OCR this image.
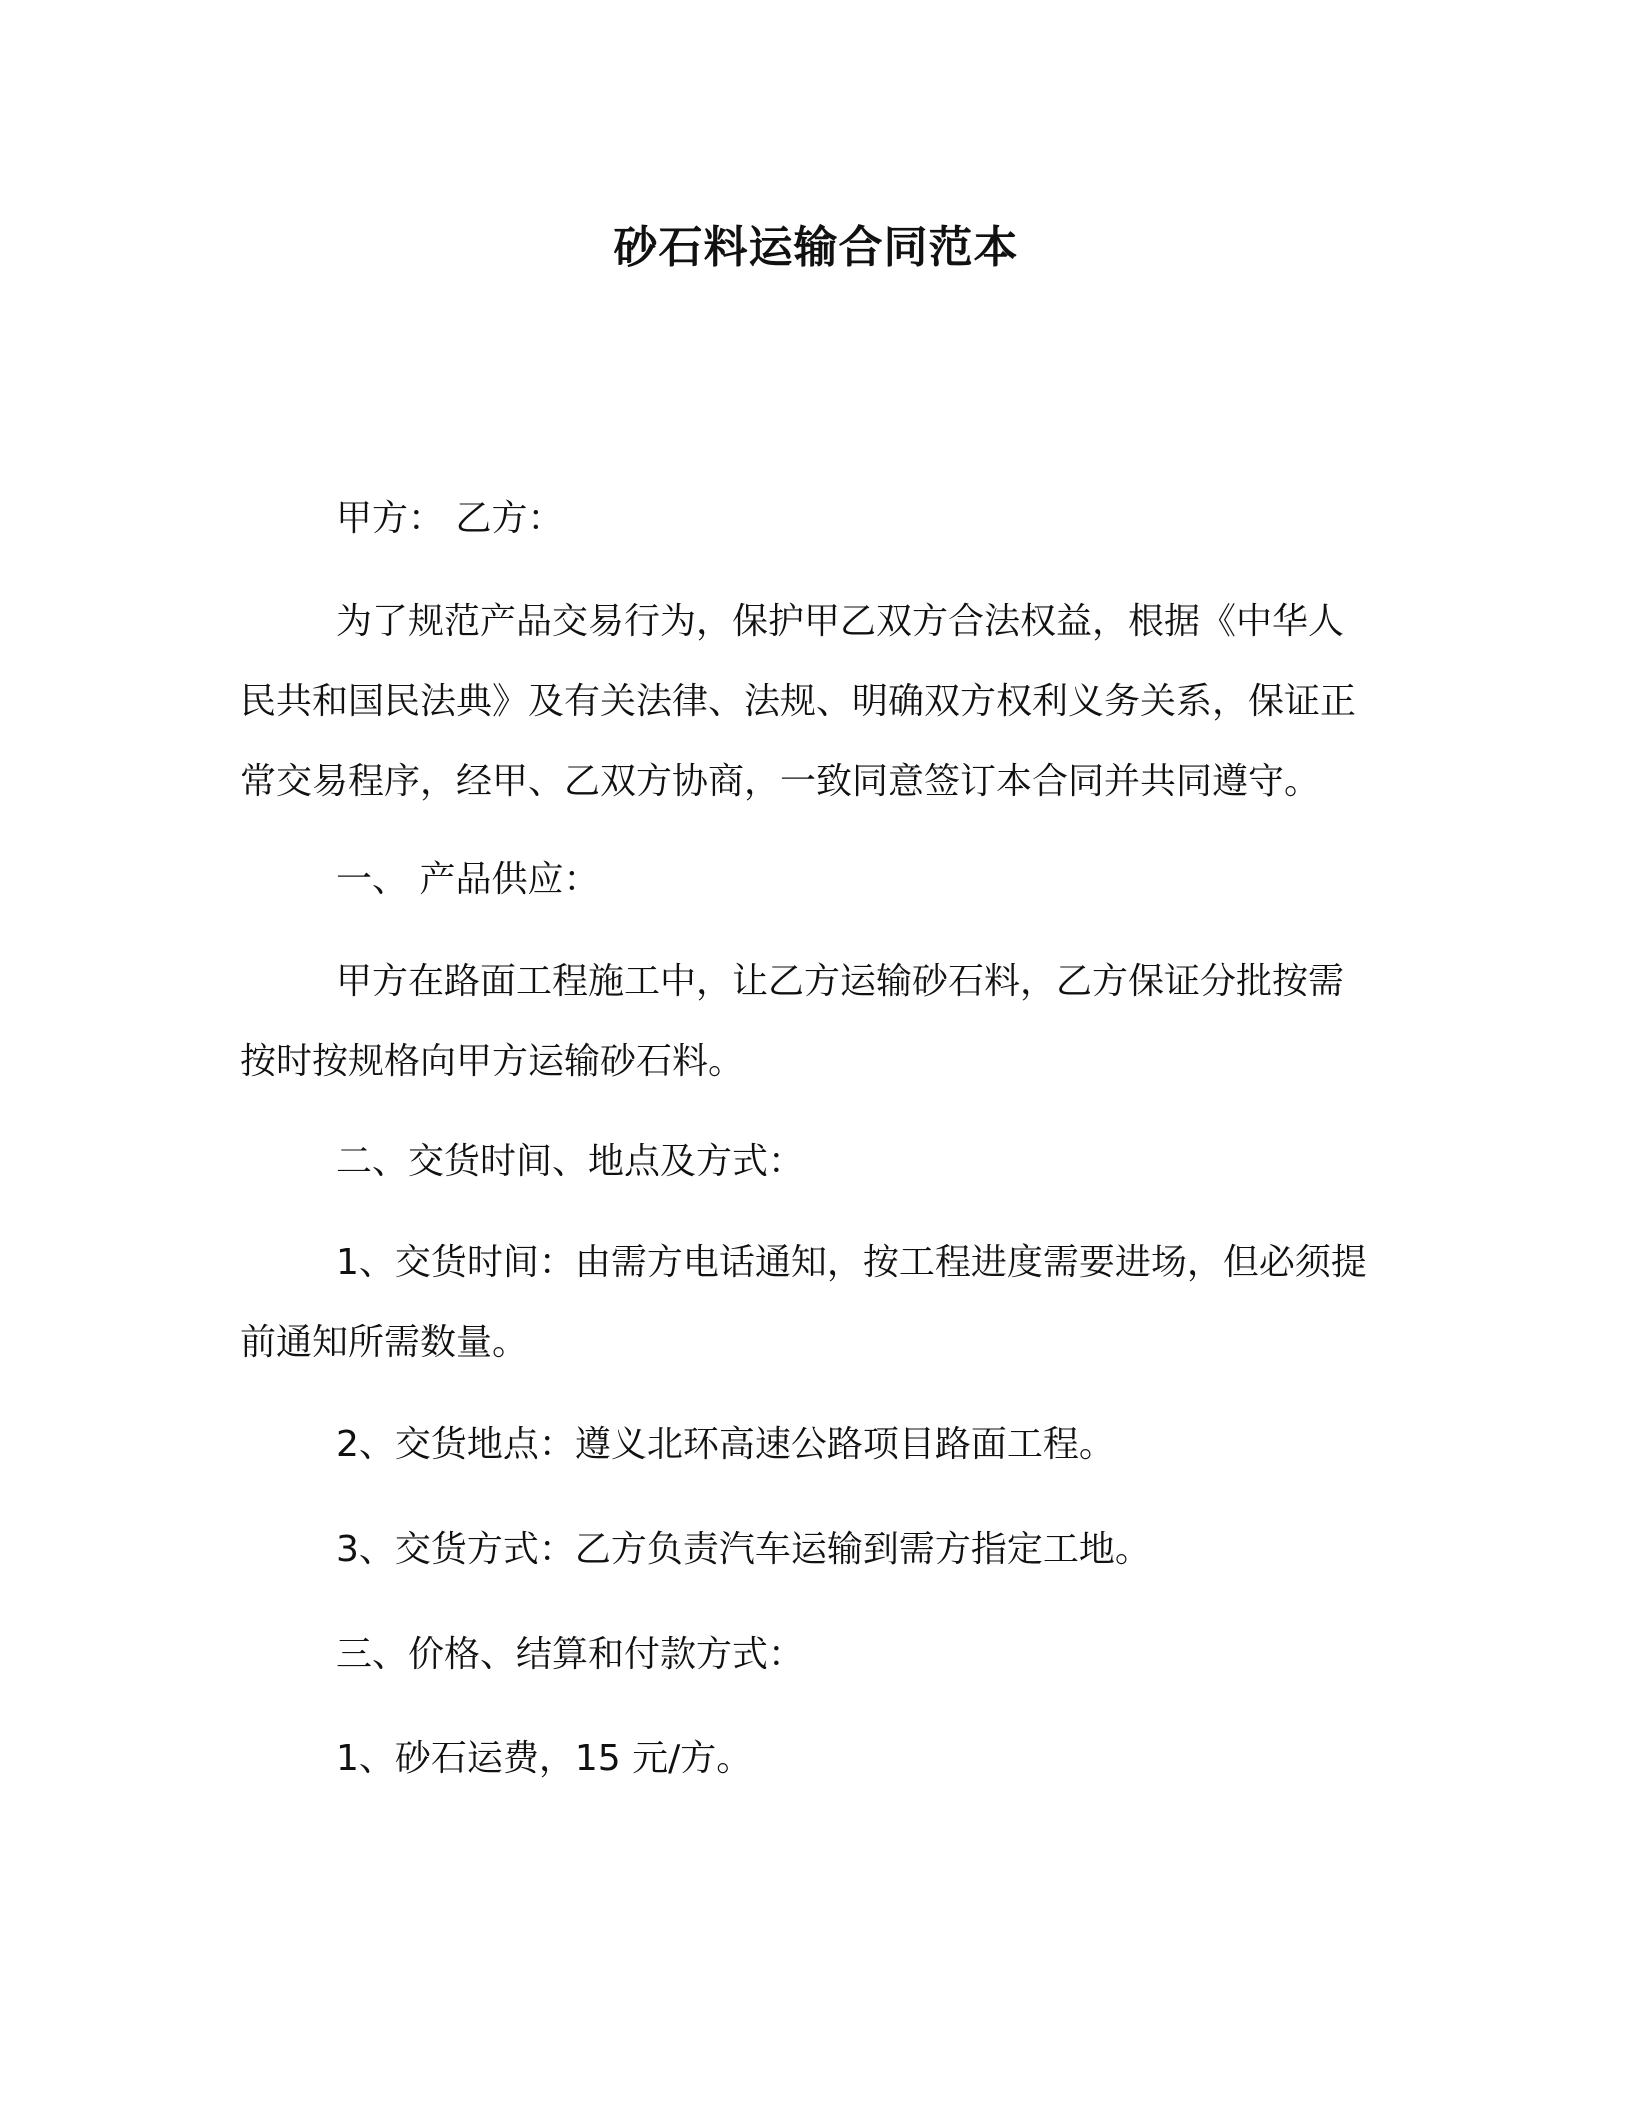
砂石料运输合同范本
甲方： 乙方：
为了规范产品交易行为，保护甲乙双方合法权益，根据《中华人民共和国民法典》及有关法律、法规、明确双方权利义务关系，保证正常交易程序，经甲、乙双方协商，一致同意签订本合同并共同遵守。
一、 产品供应：
甲方在路面工程施工中，让乙方运输砂石料，乙方保证分批按需按时按规格向甲方运输砂石料。
二、交货时间、地点及方式：
1、交货时间：由需方电话通知，按工程进度需要进场，但必须提前通知所需数量。
2、交货地点：遵义北环高速公路项目路面工程。
3、交货方式：乙方负责汽车运输到需方指定工地。
三、价格、结算和付款方式：
1、砂石运费，15 元/方。
